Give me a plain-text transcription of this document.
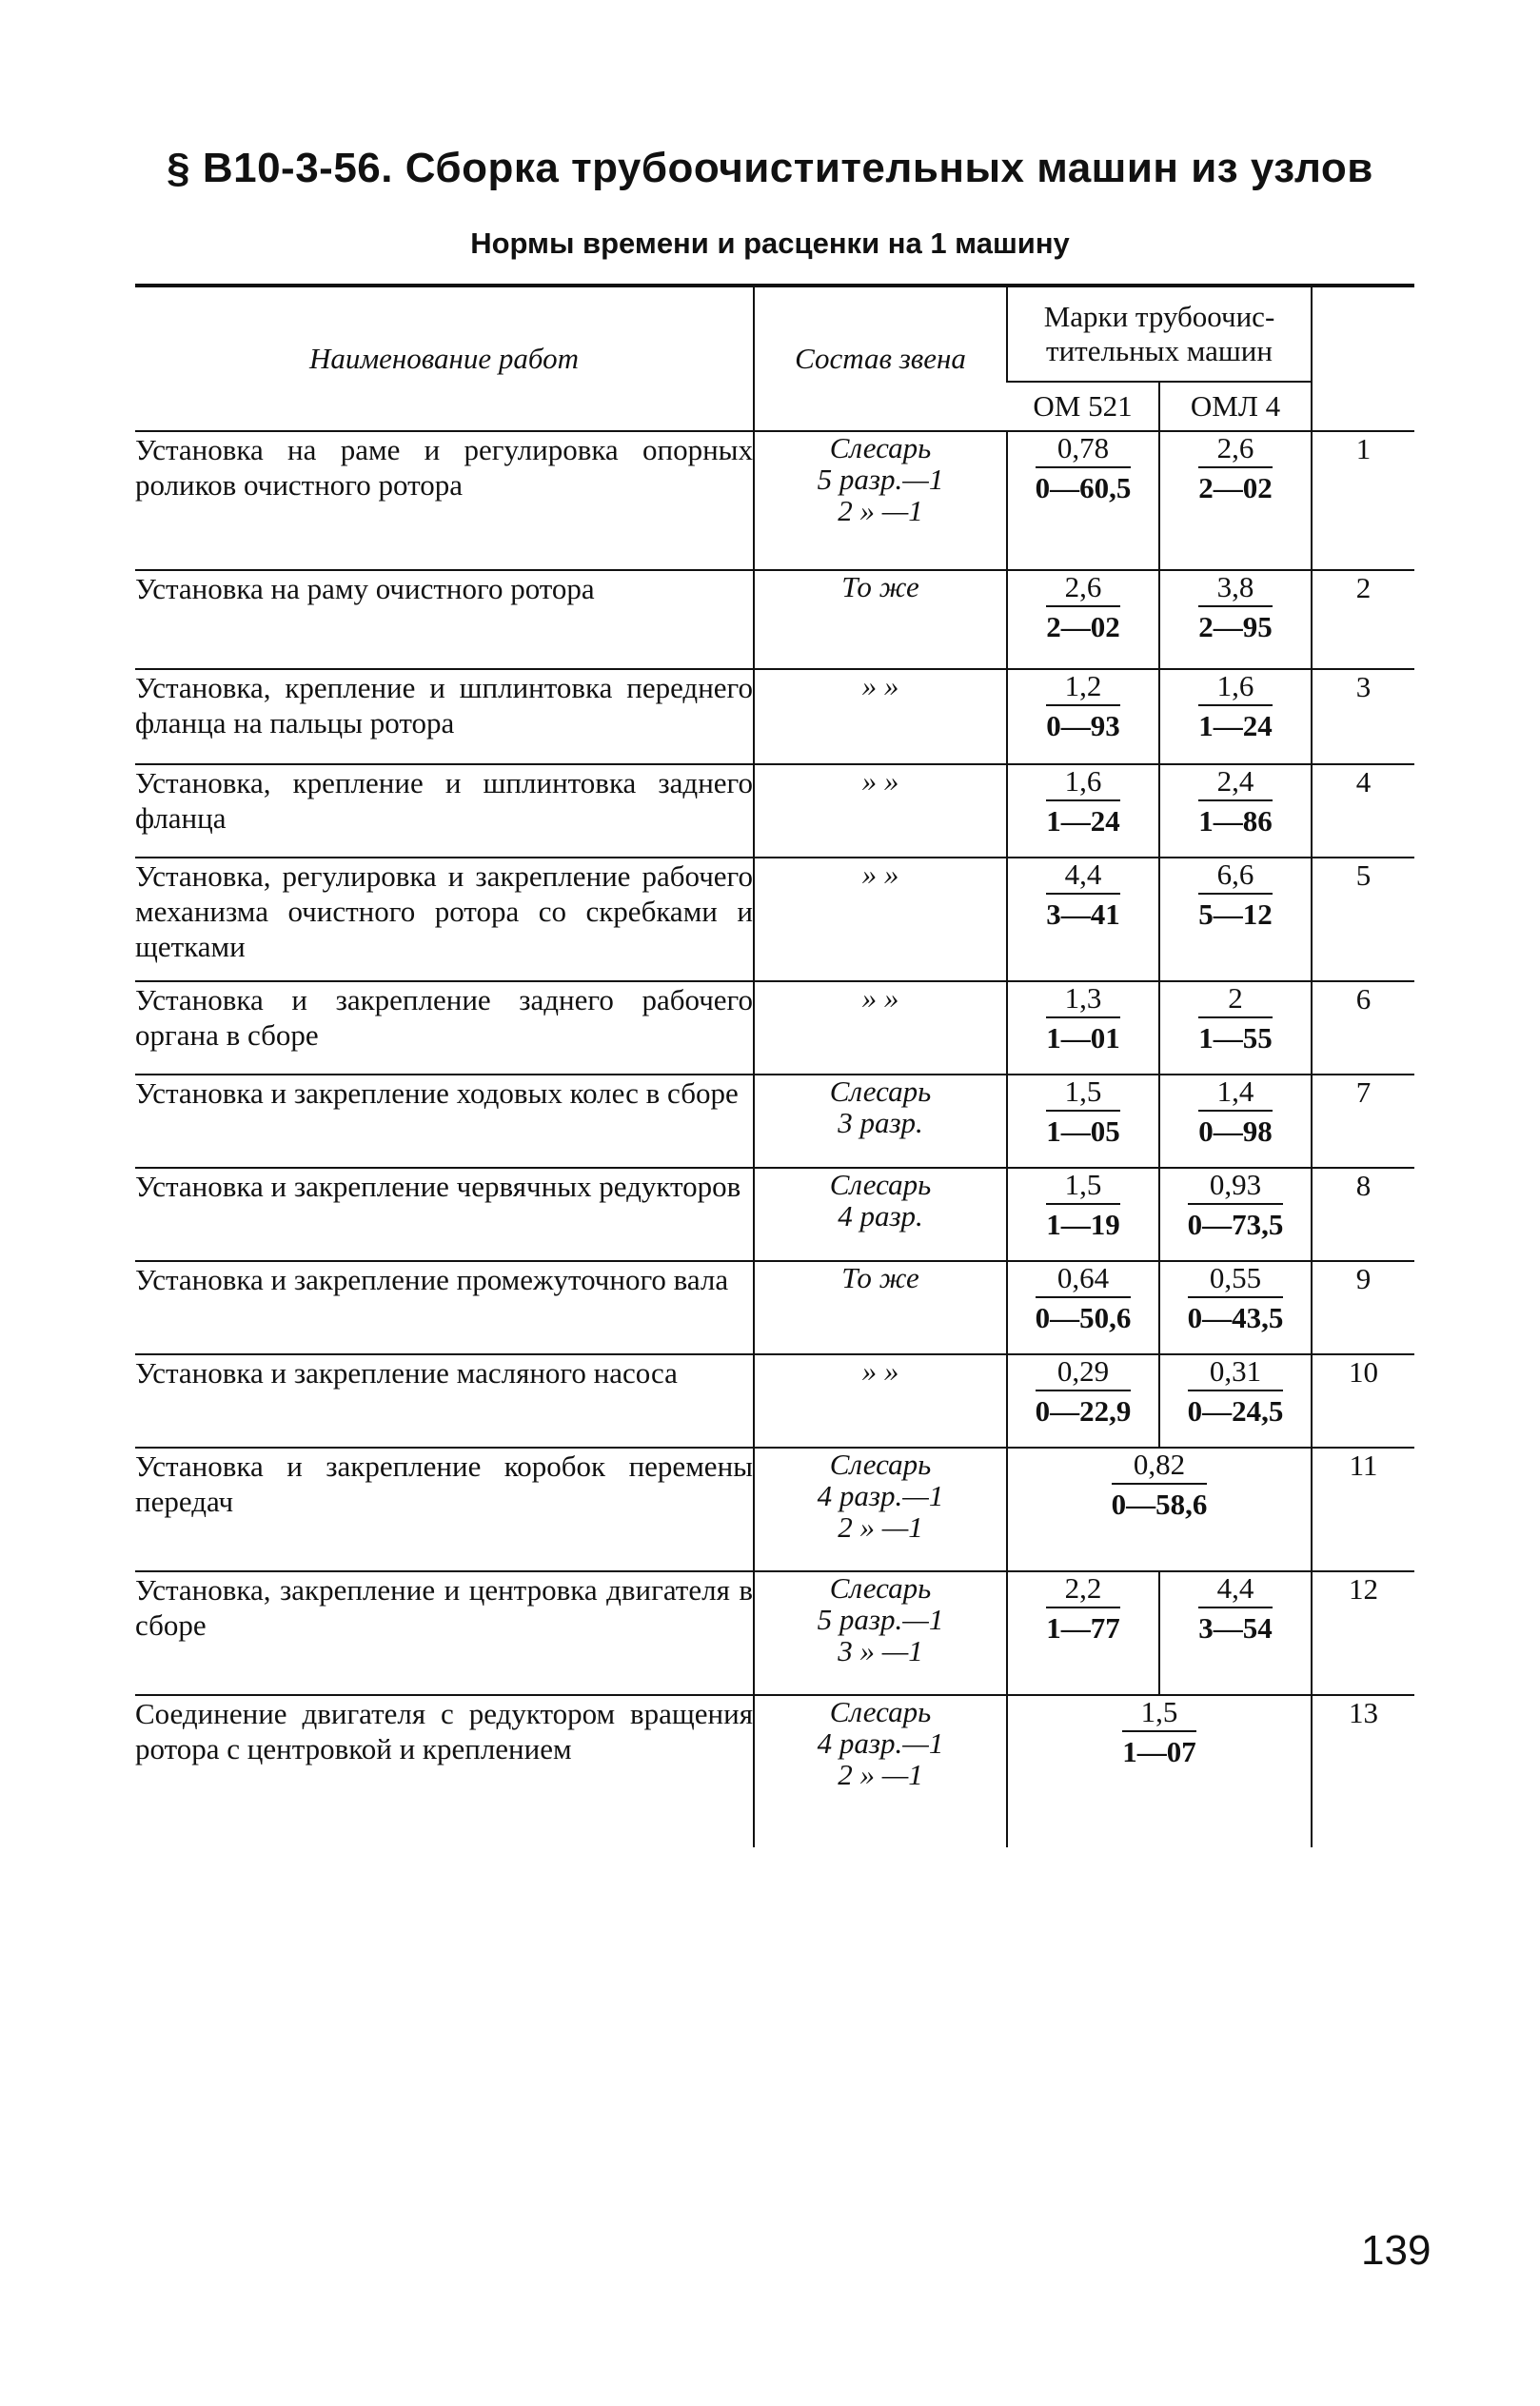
§ В10-3-56. Сборка трубоочистительных машин из узлов
Нормы времени и расценки на 1 машину
Наименование работ	Состав звена	Марки трубоочис-тительных машин		
		ОМ 521	ОМЛ 4	
Установка на раме и регулировка опорных роликов очистного ротора	Слесарь
5 разр.—1
2 » —1	$\frac{0,78}{0—60,5}$	$\frac{2,6}{2—02}$	1
Установка на раму очистного ротора	То же	$\frac{2,6}{2—02}$	$\frac{3,8}{2—95}$	2
Установка, крепление и шплинтовка переднего фланца на пальцы ротора	» »	$\frac{1,2}{0—93}$	$\frac{1,6}{1—24}$	3
Установка, крепление и шплинтовка заднего фланца	» »	$\frac{1,6}{1—24}$	$\frac{2,4}{1—86}$	4
Установка, регулировка и закрепление рабочего механизма очистного ротора со скребками и щетками	» »	$\frac{4,4}{3—41}$	$\frac{6,6}{5—12}$	5
Установка и закрепление заднего рабочего органа в сборе	» »	$\frac{1,3}{1—01}$	$\frac{2}{1—55}$	6
Установка и закрепление ходовых колес в сборе	Слесарь
3 разр.	$\frac{1,5}{1—05}$	$\frac{1,4}{0—98}$	7
Установка и закрепление червячных редукторов	Слесарь
4 разр.	$\frac{1,5}{1—19}$	$\frac{0,93}{0—73,5}$	8
Установка и закрепление промежуточного вала	То же	$\frac{0,64}{0—50,6}$	$\frac{0,55}{0—43,5}$	9
Установка и закрепление масляного насоса	» »	$\frac{0,29}{0—22,9}$	$\frac{0,31}{0—24,5}$	10
Установка и закрепление коробок перемены передач	Слесарь
4 разр.—1
2 » —1	$\frac{0,82}{0—58,6}$		11
Установка, закрепление и центровка двигателя в сборе	Слесарь
5 разр.—1
3 » —1	$\frac{2,2}{1—77}$	$\frac{4,4}{3—54}$	12
Соединение двигателя с редуктором вращения ротора с центровкой и креплением	Слесарь
4 разр.—1
2 » —1	$\frac{1,5}{1—07}$		13
139
